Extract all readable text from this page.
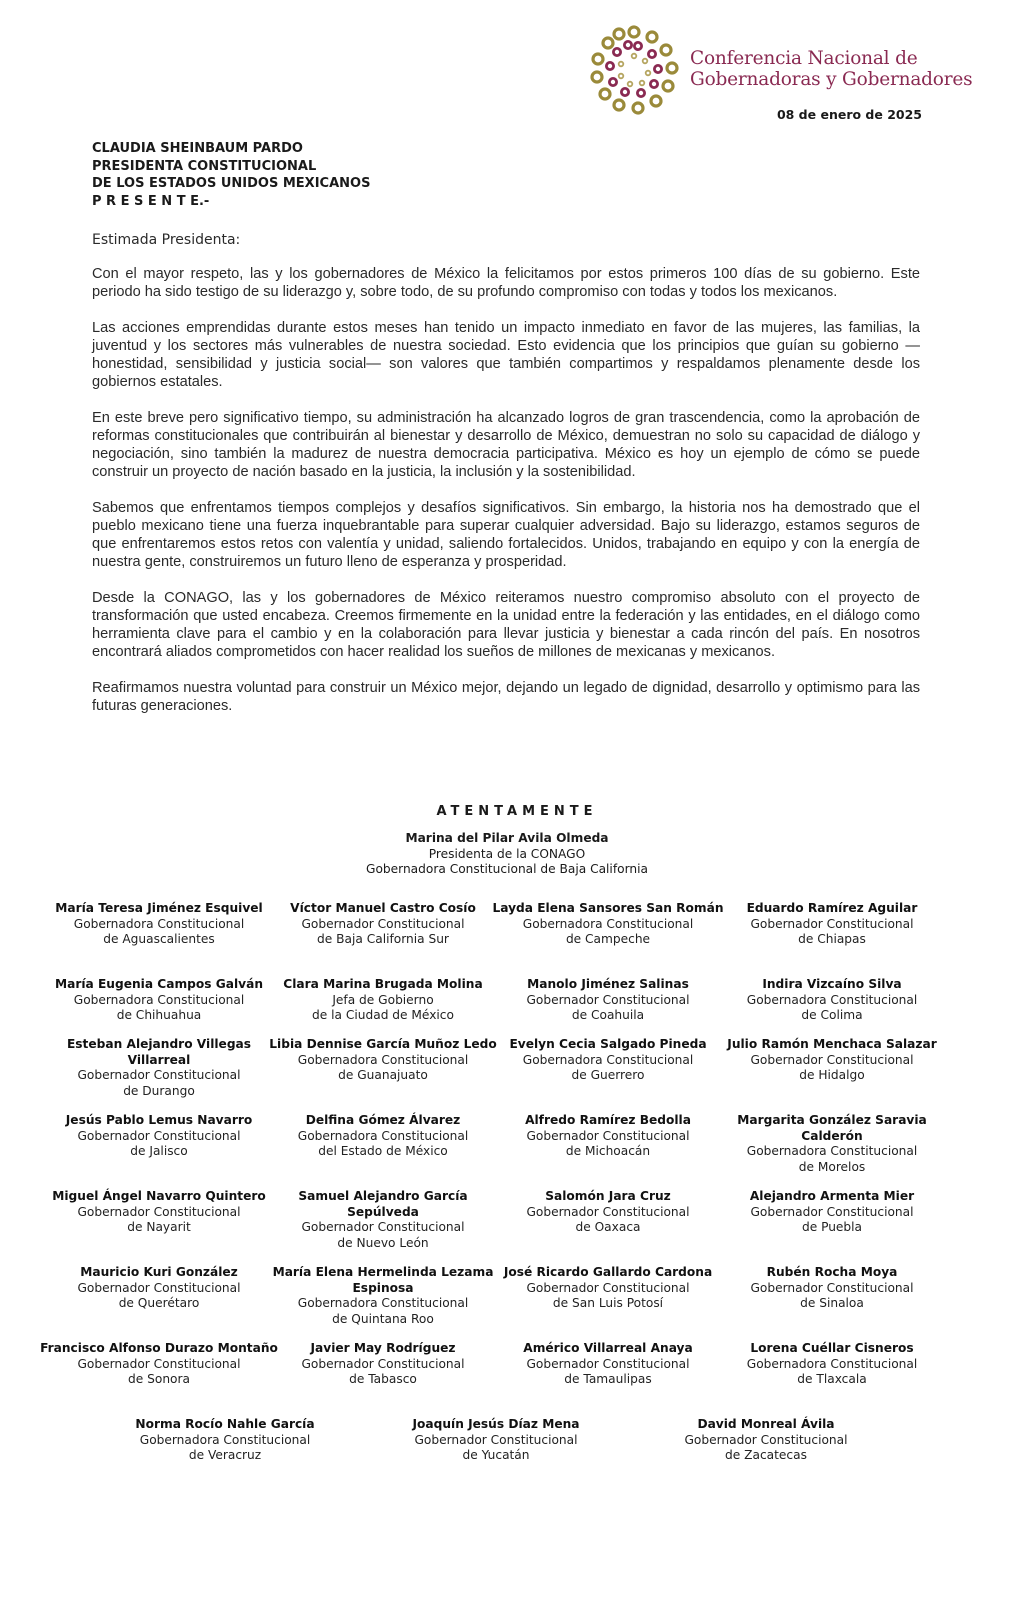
Conferencia Nacional de
Gobernadoras y Gobernadores
08 de enero de 2025
CLAUDIA SHEINBAUM PARDO
PRESIDENTA CONSTITUCIONAL
DE LOS ESTADOS UNIDOS MEXICANOS
P R E S E N T E.-
Estimada Presidenta:

Con el mayor respeto, las y los gobernadores de México la felicitamos por estos primeros 100 días de su gobierno. Este periodo ha sido testigo de su liderazgo y, sobre todo, de su profundo compromiso con todas y todos los mexicanos.

Las acciones emprendidas durante estos meses han tenido un impacto inmediato en favor de las mujeres, las familias, la juventud y los sectores más vulnerables de nuestra sociedad. Esto evidencia que los principios que guían su gobierno —honestidad, sensibilidad y justicia social— son valores que también compartimos y respaldamos plenamente desde los gobiernos estatales.

En este breve pero significativo tiempo, su administración ha alcanzado logros de gran trascendencia, como la aprobación de reformas constitucionales que contribuirán al bienestar y desarrollo de México, demuestran no solo su capacidad de diálogo y negociación, sino también la madurez de nuestra democracia participativa. México es hoy un ejemplo de cómo se puede construir un proyecto de nación basado en la justicia, la inclusión y la sostenibilidad.

Sabemos que enfrentamos tiempos complejos y desafíos significativos. Sin embargo, la historia nos ha demostrado que el pueblo mexicano tiene una fuerza inquebrantable para superar cualquier adversidad. Bajo su liderazgo, estamos seguros de que enfrentaremos estos retos con valentía y unidad, saliendo fortalecidos. Unidos, trabajando en equipo y con la energía de nuestra gente, construiremos un futuro lleno de esperanza y prosperidad.

Desde la CONAGO, las y los gobernadores de México reiteramos nuestro compromiso absoluto con el proyecto de transformación que usted encabeza. Creemos firmemente en la unidad entre la federación y las entidades, en el diálogo como herramienta clave para el cambio y en la colaboración para llevar justicia y bienestar a cada rincón del país. En nosotros encontrará aliados comprometidos con hacer realidad los sueños de millones de mexicanas y mexicanos.

Reafirmamos nuestra voluntad para construir un México mejor, dejando un legado de dignidad, desarrollo y optimismo para las futuras generaciones.

ATENTAMENTE
Marina del Pilar Avila Olmeda
Presidenta de la CONAGO
Gobernadora Constitucional de Baja California
María Teresa Jiménez Esquivel
Gobernadora Constitucional
de Aguascalientes
Víctor Manuel Castro Cosío
Gobernador Constitucional
de Baja California Sur
Layda Elena Sansores San Román
Gobernadora Constitucional
de Campeche
Eduardo Ramírez Aguilar
Gobernador Constitucional
de Chiapas
María Eugenia Campos Galván
Gobernadora Constitucional
de Chihuahua
Clara Marina Brugada Molina
Jefa de Gobierno
de la Ciudad de México
Manolo Jiménez Salinas
Gobernador Constitucional
de Coahuila
Indira Vizcaíno Silva
Gobernadora Constitucional
de Colima
Esteban Alejandro Villegas Villarreal
Gobernador Constitucional
de Durango
Libia Dennise García Muñoz Ledo
Gobernadora Constitucional
de Guanajuato
Evelyn Cecia Salgado Pineda
Gobernadora Constitucional
de Guerrero
Julio Ramón Menchaca Salazar
Gobernador Constitucional
de Hidalgo
Jesús Pablo Lemus Navarro
Gobernador Constitucional
de Jalisco
Delfina Gómez Álvarez
Gobernadora Constitucional
del Estado de México
Alfredo Ramírez Bedolla
Gobernador Constitucional
de Michoacán
Margarita González Saravia Calderón
Gobernadora Constitucional
de Morelos
Miguel Ángel Navarro Quintero
Gobernador Constitucional
de Nayarit
Samuel Alejandro García Sepúlveda
Gobernador Constitucional
de Nuevo León
Salomón Jara Cruz
Gobernador Constitucional
de Oaxaca
Alejandro Armenta Mier
Gobernador Constitucional
de Puebla
Mauricio Kuri González
Gobernador Constitucional
de Querétaro
María Elena Hermelinda Lezama Espinosa
Gobernadora Constitucional
de Quintana Roo
José Ricardo Gallardo Cardona
Gobernador Constitucional
de San Luis Potosí
Rubén Rocha Moya
Gobernador Constitucional
de Sinaloa
Francisco Alfonso Durazo Montaño
Gobernador Constitucional
de Sonora
Javier May Rodríguez
Gobernador Constitucional
de Tabasco
Américo Villarreal Anaya
Gobernador Constitucional
de Tamaulipas
Lorena Cuéllar Cisneros
Gobernadora Constitucional
de Tlaxcala
Norma Rocío Nahle García
Gobernadora Constitucional
de Veracruz
Joaquín Jesús Díaz Mena
Gobernador Constitucional
de Yucatán
David Monreal Ávila
Gobernador Constitucional
de Zacatecas
